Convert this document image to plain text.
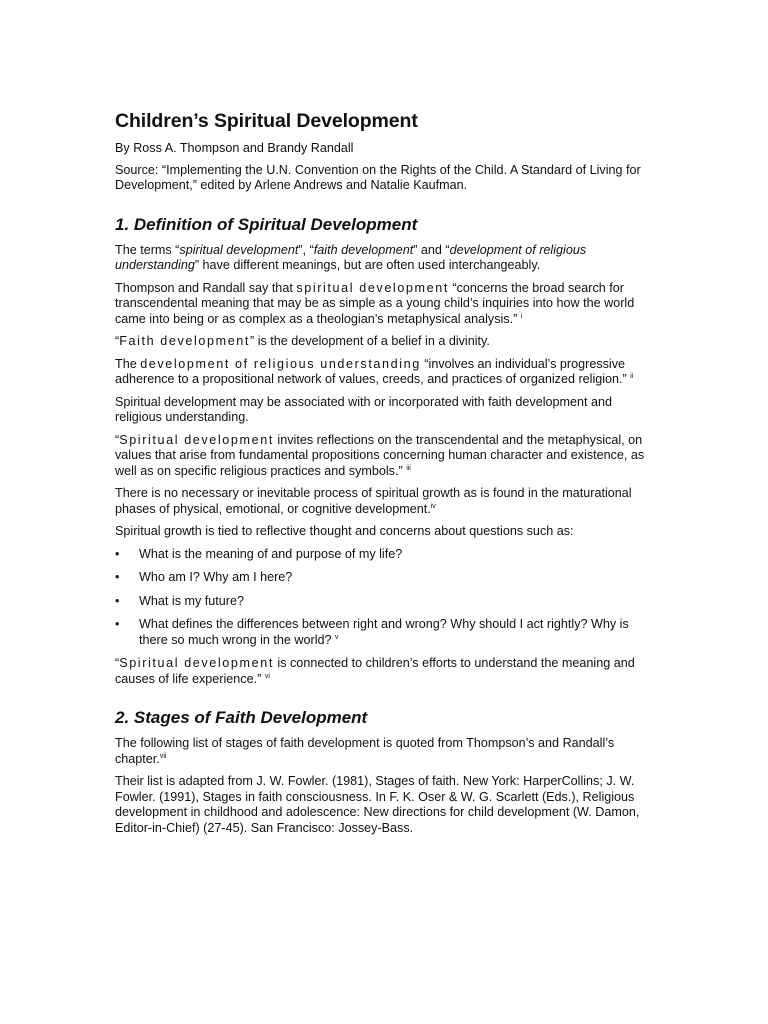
Children’s Spiritual Development

By Ross A. Thompson and Brandy Randall

Source: “Implementing the U.N. Convention on the Rights of the Child. A Standard of Living for Development,” edited by Arlene Andrews and Natalie Kaufman.

1. Definition of Spiritual Development

The terms “spiritual development”, “faith development” and “development of religious understanding” have different meanings, but are often used interchangeably.

Thompson and Randall say that spiritual development “concerns the broad search for transcendental meaning that may be as simple as a young child’s inquiries into how the world came into being or as complex as a theologian’s metaphysical analysis.” $^i$

“Faith development” is the development of a belief in a divinity.

The development of religious understanding “involves an individual’s progressive adherence to a propositional network of values, creeds, and practices of organized religion.” $^{ii}$

Spiritual development may be associated with or incorporated with faith development and religious understanding.

“Spiritual development invites reflections on the transcendental and the metaphysical, on values that arise from fundamental propositions concerning human character and existence, as well as on specific religious practices and symbols.” $^{iii}$

There is no necessary or inevitable process of spiritual growth as is found in the maturational phases of physical, emotional, or cognitive development.$^{iv}$

Spiritual growth is tied to reflective thought and concerns about questions such as:

• What is the meaning of and purpose of my life?
• Who am I? Why am I here?
• What is my future?
• What defines the differences between right and wrong? Why should I act rightly? Why is there so much wrong in the world? $^v$

“Spiritual development is connected to children’s efforts to understand the meaning and causes of life experience.” $^{vi}$

2. Stages of Faith Development

The following list of stages of faith development is quoted from Thompson’s and Randall’s chapter.$^{vii}$

Their list is adapted from J. W. Fowler. (1981), Stages of faith. New York: HarperCollins; J. W. Fowler. (1991), Stages in faith consciousness. In F. K. Oser & W. G. Scarlett (Eds.), Religious development in childhood and adolescence: New directions for child development (W. Damon, Editor-in-Chief) (27-45). San Francisco: Jossey-Bass.
